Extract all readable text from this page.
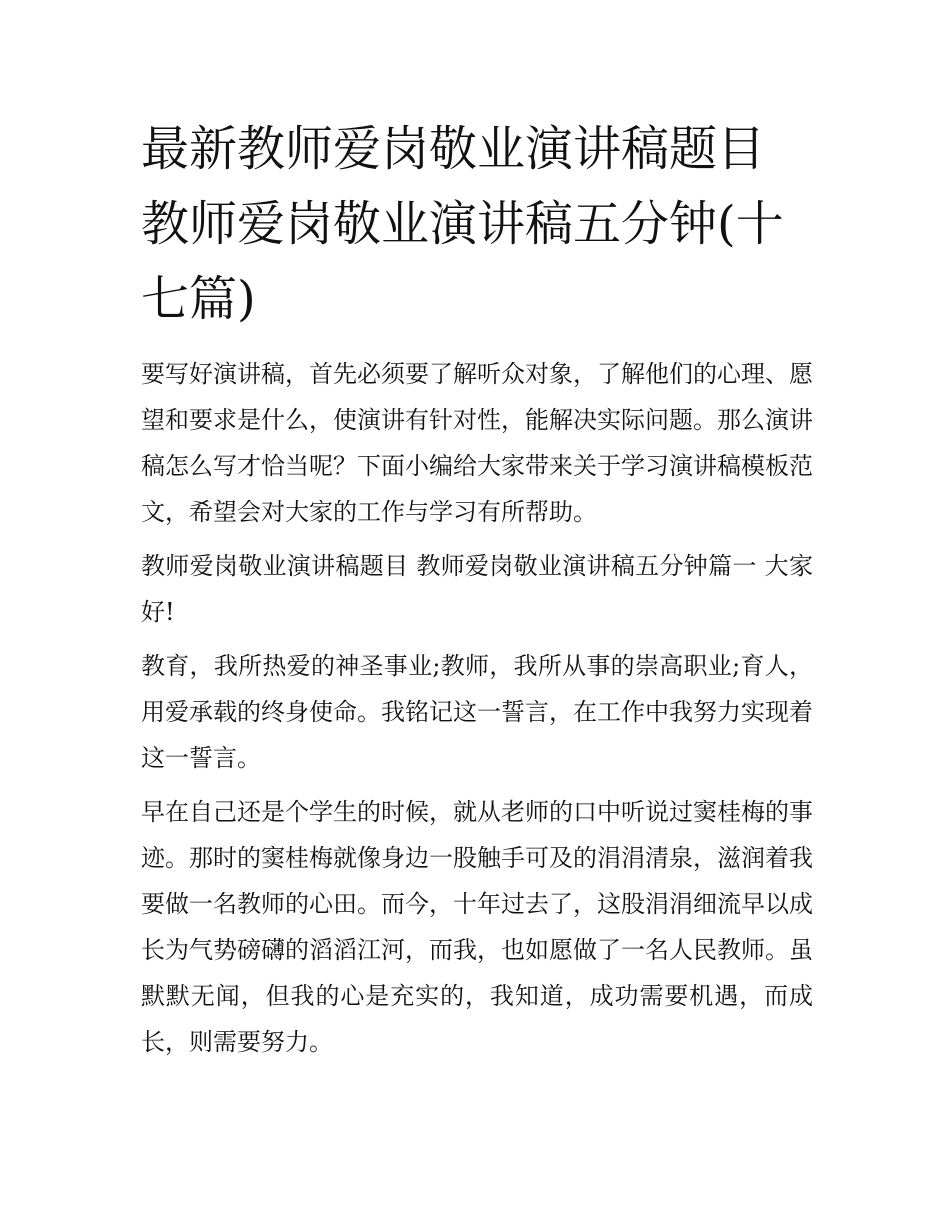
最新教师爱岗敬业演讲稿题目 教师爱岗敬业演讲稿五分钟(十七篇)

要写好演讲稿，首先必须要了解听众对象，了解他们的心理、愿望和要求是什么，使演讲有针对性，能解决实际问题。那么演讲稿怎么写才恰当呢？下面小编给大家带来关于学习演讲稿模板范文，希望会对大家的工作与学习有所帮助。

教师爱岗敬业演讲稿题目 教师爱岗敬业演讲稿五分钟篇一 大家好!

教育，我所热爱的神圣事业;教师，我所从事的崇高职业;育人，用爱承载的终身使命。我铭记这一誓言，在工作中我努力实现着这一誓言。

早在自己还是个学生的时候，就从老师的口中听说过窦桂梅的事迹。那时的窦桂梅就像身边一股触手可及的涓涓清泉，滋润着我要做一名教师的心田。而今，十年过去了，这股涓涓细流早以成长为气势磅礴的滔滔江河，而我，也如愿做了一名人民教师。虽默默无闻，但我的心是充实的，我知道，成功需要机遇，而成长，则需要努力。
